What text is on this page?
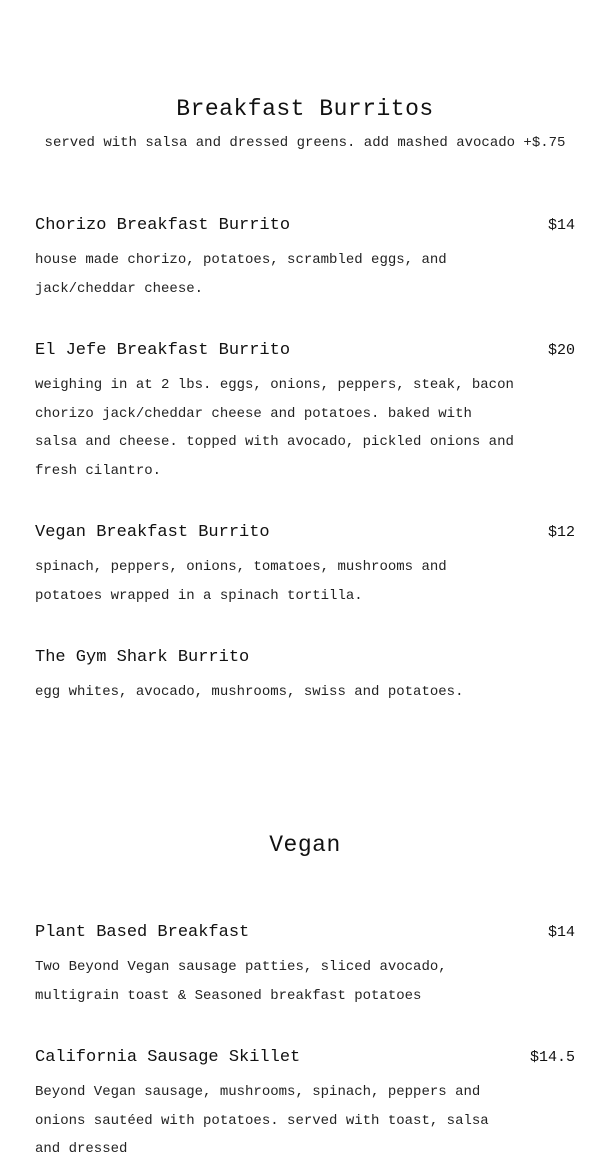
Breakfast Burritos

served with salsa and dressed greens. add mashed avocado +$.75

Chorizo Breakfast Burrito	$14
house made chorizo, potatoes, scrambled eggs, and jack/cheddar cheese.
El Jefe Breakfast Burrito	$20
weighing in at 2 lbs. eggs, onions, peppers, steak, bacon chorizo jack/cheddar cheese and potatoes. baked with salsa and cheese. topped with avocado, pickled onions and fresh cilantro.
Vegan Breakfast Burrito	$12
spinach, peppers, onions, tomatoes, mushrooms and potatoes wrapped in a spinach tortilla.
The Gym Shark Burrito
egg whites, avocado, mushrooms, swiss and potatoes.
Vegan
Plant Based Breakfast	$14
Two Beyond Vegan sausage patties, sliced avocado, multigrain toast & Seasoned breakfast potatoes
California Sausage Skillet	$14.5
Beyond Vegan sausage, mushrooms, spinach, peppers and onions sautéed with potatoes. served with toast, salsa and dressed
